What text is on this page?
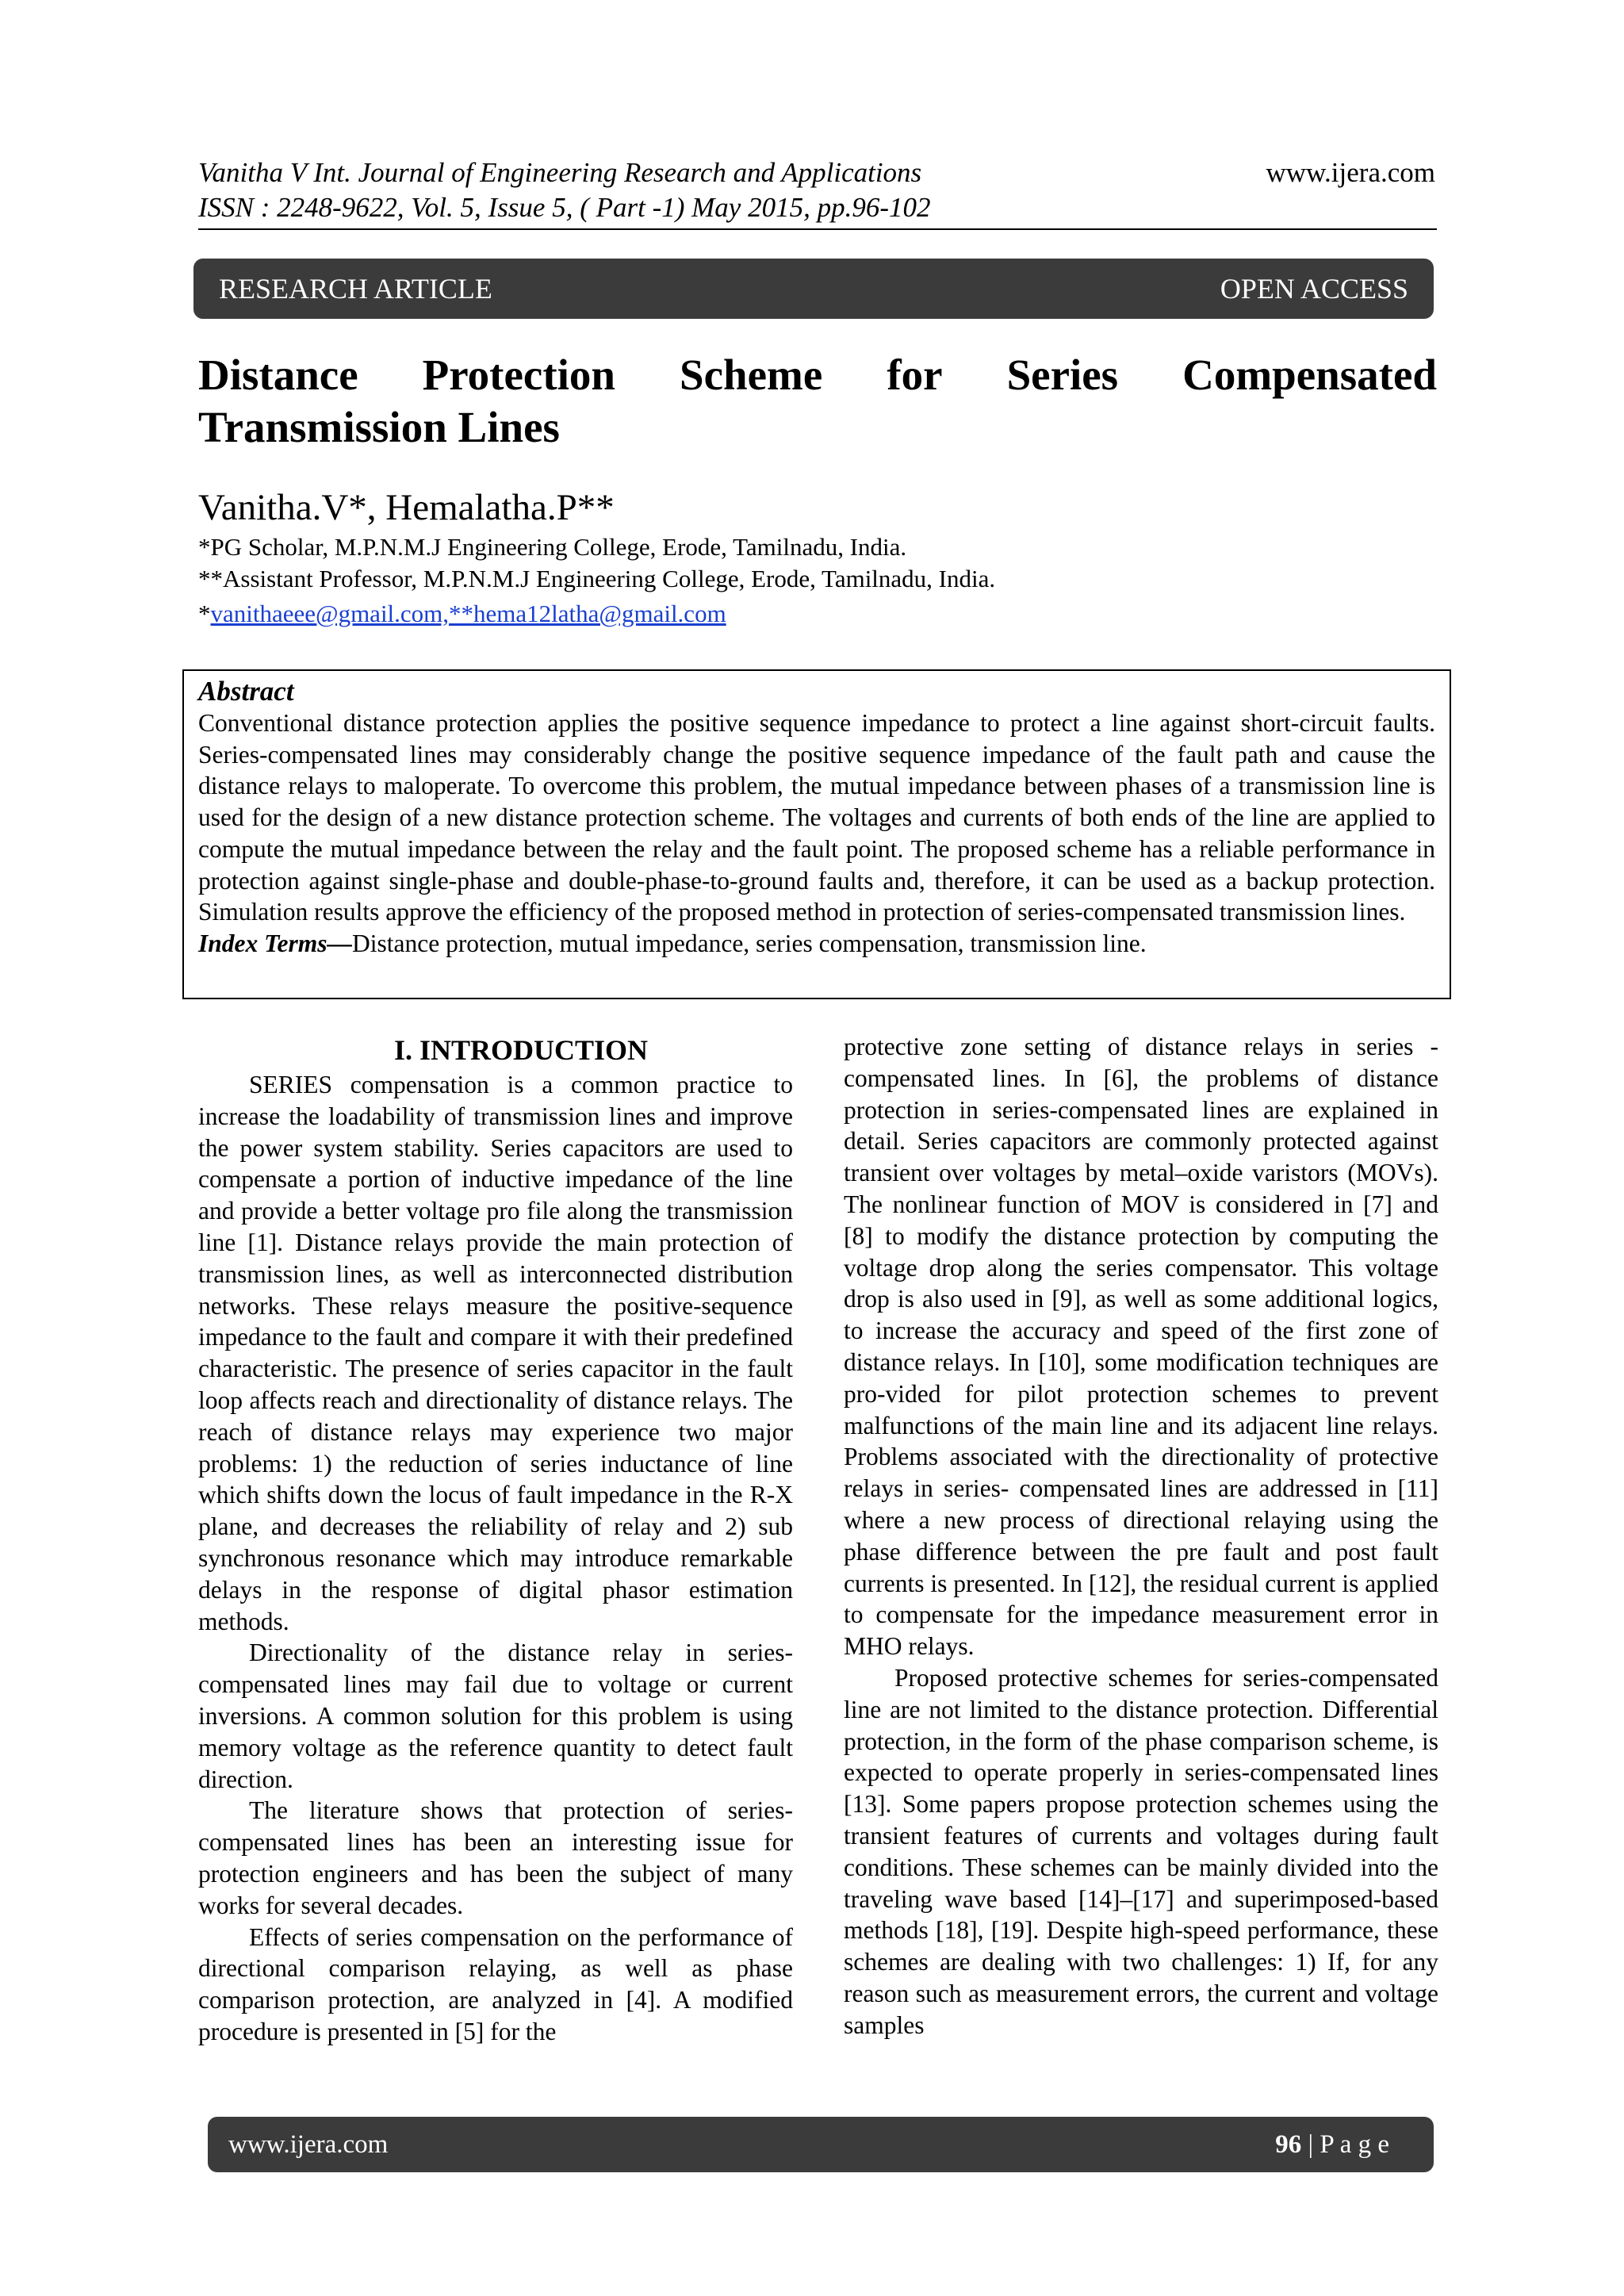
Vanitha V Int. Journal of Engineering Research and Applications
ISSN : 2248-9622, Vol. 5, Issue 5, ( Part -1) May 2015, pp.96-102
www.ijera.com
RESEARCH ARTICLE	OPEN ACCESS
Distance Protection Scheme for Series Compensated
Transmission Lines
Vanitha.V*, Hemalatha.P**
*PG Scholar, M.P.N.M.J Engineering College, Erode, Tamilnadu, India.
**Assistant Professor, M.P.N.M.J Engineering College, Erode, Tamilnadu, India.
*vanithaeee@gmail.com,**hema12latha@gmail.com
Abstract
Conventional distance protection applies the positive sequence impedance to protect a line against short-circuit faults. Series-compensated lines may considerably change the positive sequence impedance of the fault path and cause the distance relays to maloperate. To overcome this problem, the mutual impedance between phases of a transmission line is used for the design of a new distance protection scheme. The voltages and currents of both ends of the line are applied to compute the mutual impedance between the relay and the fault point. The proposed scheme has a reliable performance in protection against single-phase and double-phase-to-ground faults and, therefore, it can be used as a backup protection. Simulation results approve the efficiency of the proposed method in protection of series-compensated transmission lines.
Index Terms—Distance protection, mutual impedance, series compensation, transmission line.

I. INTRODUCTION

SERIES compensation is a common practice to increase the loadability of transmission lines and improve the power system stability. Series capacitors are used to compensate a portion of inductive impedance of the line and provide a better voltage pro file along the transmission line [1]. Distance relays provide the main protection of transmission lines, as well as interconnected distribution networks. These relays measure the positive-sequence impedance to the fault and compare it with their predefined characteristic. The presence of series capacitor in the fault loop affects reach and directionality of distance relays. The reach of distance relays may experience two major problems: 1) the reduction of series inductance of line which shifts down the locus of fault impedance in the R-X plane, and decreases the reliability of relay and 2) sub synchronous resonance which may introduce remarkable delays in the response of digital phasor estimation methods.

Directionality of the distance relay in series-compensated lines may fail due to voltage or current inversions. A common solution for this problem is using memory voltage as the reference quantity to detect fault direction.

The literature shows that protection of series-compensated lines has been an interesting issue for protection engineers and has been the subject of many works for several decades.

Effects of series compensation on the performance of directional comparison relaying, as well as phase comparison protection, are analyzed in [4]. A modified procedure is presented in [5] for the

protective zone setting of distance relays in series -compensated lines. In [6], the problems of distance protection in series-compensated lines are explained in detail. Series capacitors are commonly protected against transient over voltages by metal–oxide varistors (MOVs). The nonlinear function of MOV is considered in [7] and [8] to modify the distance protection by computing the voltage drop along the series compensator. This voltage drop is also used in [9], as well as some additional logics, to increase the accuracy and speed of the first zone of distance relays. In [10], some modification techniques are pro-vided for pilot protection schemes to prevent malfunctions of the main line and its adjacent line relays. Problems associated with the directionality of protective relays in series- compensated lines are addressed in [11] where a new process of directional relaying using the phase difference between the pre fault and post fault currents is presented. In [12], the residual current is applied to compensate for the impedance measurement error in MHO relays.

Proposed protective schemes for series-compensated line are not limited to the distance protection. Differential protection, in the form of the phase comparison scheme, is expected to operate properly in series-compensated lines [13]. Some papers propose protection schemes using the transient features of currents and voltages during fault conditions. These schemes can be mainly divided into the traveling wave based [14]–[17] and superimposed-based methods [18], [19]. Despite high-speed performance, these schemes are dealing with two challenges: 1) If, for any reason such as measurement errors, the current and voltage samples

www.ijera.com	96 | P a g e
